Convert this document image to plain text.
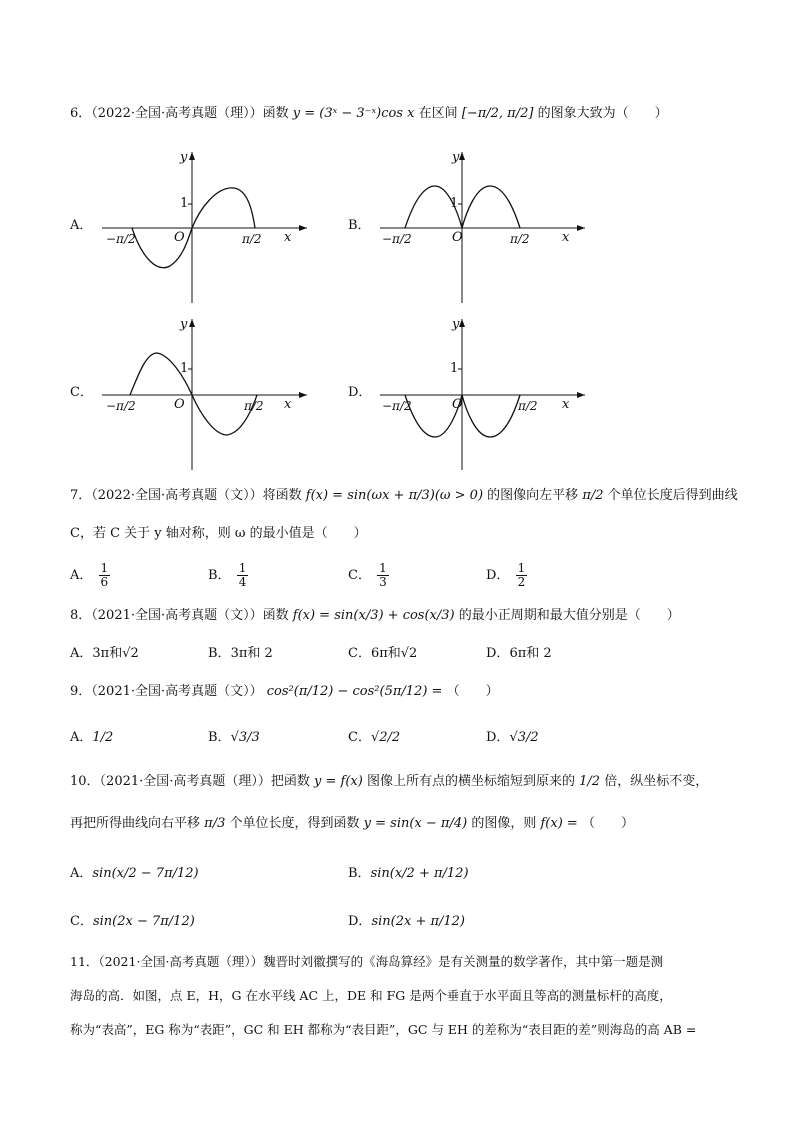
6．（2022·全国·高考真题（理））函数 y = (3ˣ − 3⁻ˣ)cos x 在区间 [−π/2, π/2] 的图象大致为（　　）
A．
y
x
O
1
−π/2	π/2
B．
y
x
O
1
−π/2	π/2
C．
y
x
O
1
−π/2	π/2
D．
y
x
O
1
−π/2	π/2
7．（2022·全国·高考真题（文））将函数 f(x) = sin(ωx + π/3)(ω > 0) 的图像向左平移 π/2 个单位长度后得到曲线
C，若 C 关于 y 轴对称，则 ω 的最小值是（　　）
A． $\frac{1}{6}$	B． $\frac{1}{4}$	C． $\frac{1}{3}$	D． $\frac{1}{2}$
8．（2021·全国·高考真题（文））函数 f(x) = sin(x/3) + cos(x/3) 的最小正周期和最大值分别是（　　）
A．3π和√2	B．3π和 2	C．6π和√2	D．6π和 2
9．（2021·全国·高考真题（文）） cos²(π/12) − cos²(5π/12) = （　　）
A．1/2	B．√3/3	C．√2/2	D．√3/2
10．（2021·全国·高考真题（理））把函数 y = f(x) 图像上所有点的横坐标缩短到原来的 1/2 倍，纵坐标不变，
再把所得曲线向右平移 π/3 个单位长度，得到函数 y = sin(x − π/4) 的图像，则 f(x) = （　　）
A．sin(x/2 − 7π/12)	B．sin(x/2 + π/12)
C．sin(2x − 7π/12)	D．sin(2x + π/12)
11．（2021·全国·高考真题（理））魏晋时刘徽撰写的《海岛算经》是有关测量的数学著作，其中第一题是测
海岛的高．如图，点 E，H，G 在水平线 AC 上，DE 和 FG 是两个垂直于水平面且等高的测量标杆的高度，
称为“表高”，EG 称为“表距”，GC 和 EH 都称为“表目距”，GC 与 EH 的差称为“表目距的差”则海岛的高 AB =
